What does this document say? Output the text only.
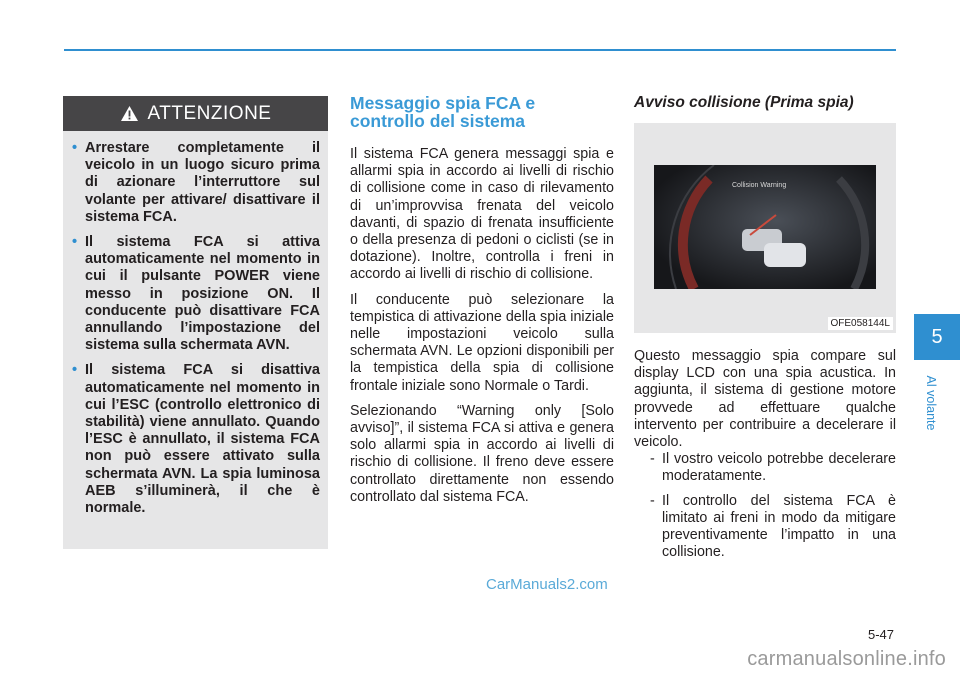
ATTENZIONE
• Arrestare completamente il veicolo in un luogo sicuro prima di azionare l’interruttore sul volante per attivare/ disattivare il sistema FCA.
• Il sistema FCA si attiva automaticamente nel momento in cui il pulsante POWER viene messo in posizione ON. Il conducente può disattivare FCA annullando l’impostazione del sistema sulla schermata AVN.
• Il sistema FCA si disattiva automaticamente nel momento in cui l’ESC (controllo elettronico di stabilità) viene annullato. Quando l’ESC è annullato, il sistema FCA non può essere attivato sulla schermata AVN. La spia luminosa AEB s’illuminerà, il che è normale.
Messaggio spia FCA e controllo del sistema

Il sistema FCA genera messaggi spia e allarmi spia in accordo ai livelli di rischio di collisione come in caso di rilevamento di un’improvvisa frenata del veicolo davanti, di spazio di frenata insufficiente o della presenza di pedoni o ciclisti (se in dotazione). Inoltre, controlla i freni in accordo ai livelli di rischio di collisione.

Il conducente può selezionare la tempistica di attivazione della spia iniziale nelle impostazioni veicolo sulla schermata AVN. Le opzioni disponibili per la tempistica della spia di collisione frontale iniziale sono Normale o Tardi.

Selezionando “Warning only [Solo avviso]”, il sistema FCA si attiva e genera solo allarmi spia in accordo ai livelli di rischio di collisione. Il freno deve essere controllato direttamente non essendo controllato dal sistema FCA.

Avviso collisione (Prima spia)
Collision Warning
OFE058144L

Questo messaggio spia compare sul display LCD con una spia acustica. In aggiunta, il sistema di gestione motore provvede ad effettuare qualche intervento per contribuire a decelerare il veicolo.

- Il vostro veicolo potrebbe decelerare moderatamente.
- Il controllo del sistema FCA è limitato ai freni in modo da mitigare preventivamente l’impatto in una collisione.
5
Al volante
CarManuals2.com
5-47
carmanualsonline.info
